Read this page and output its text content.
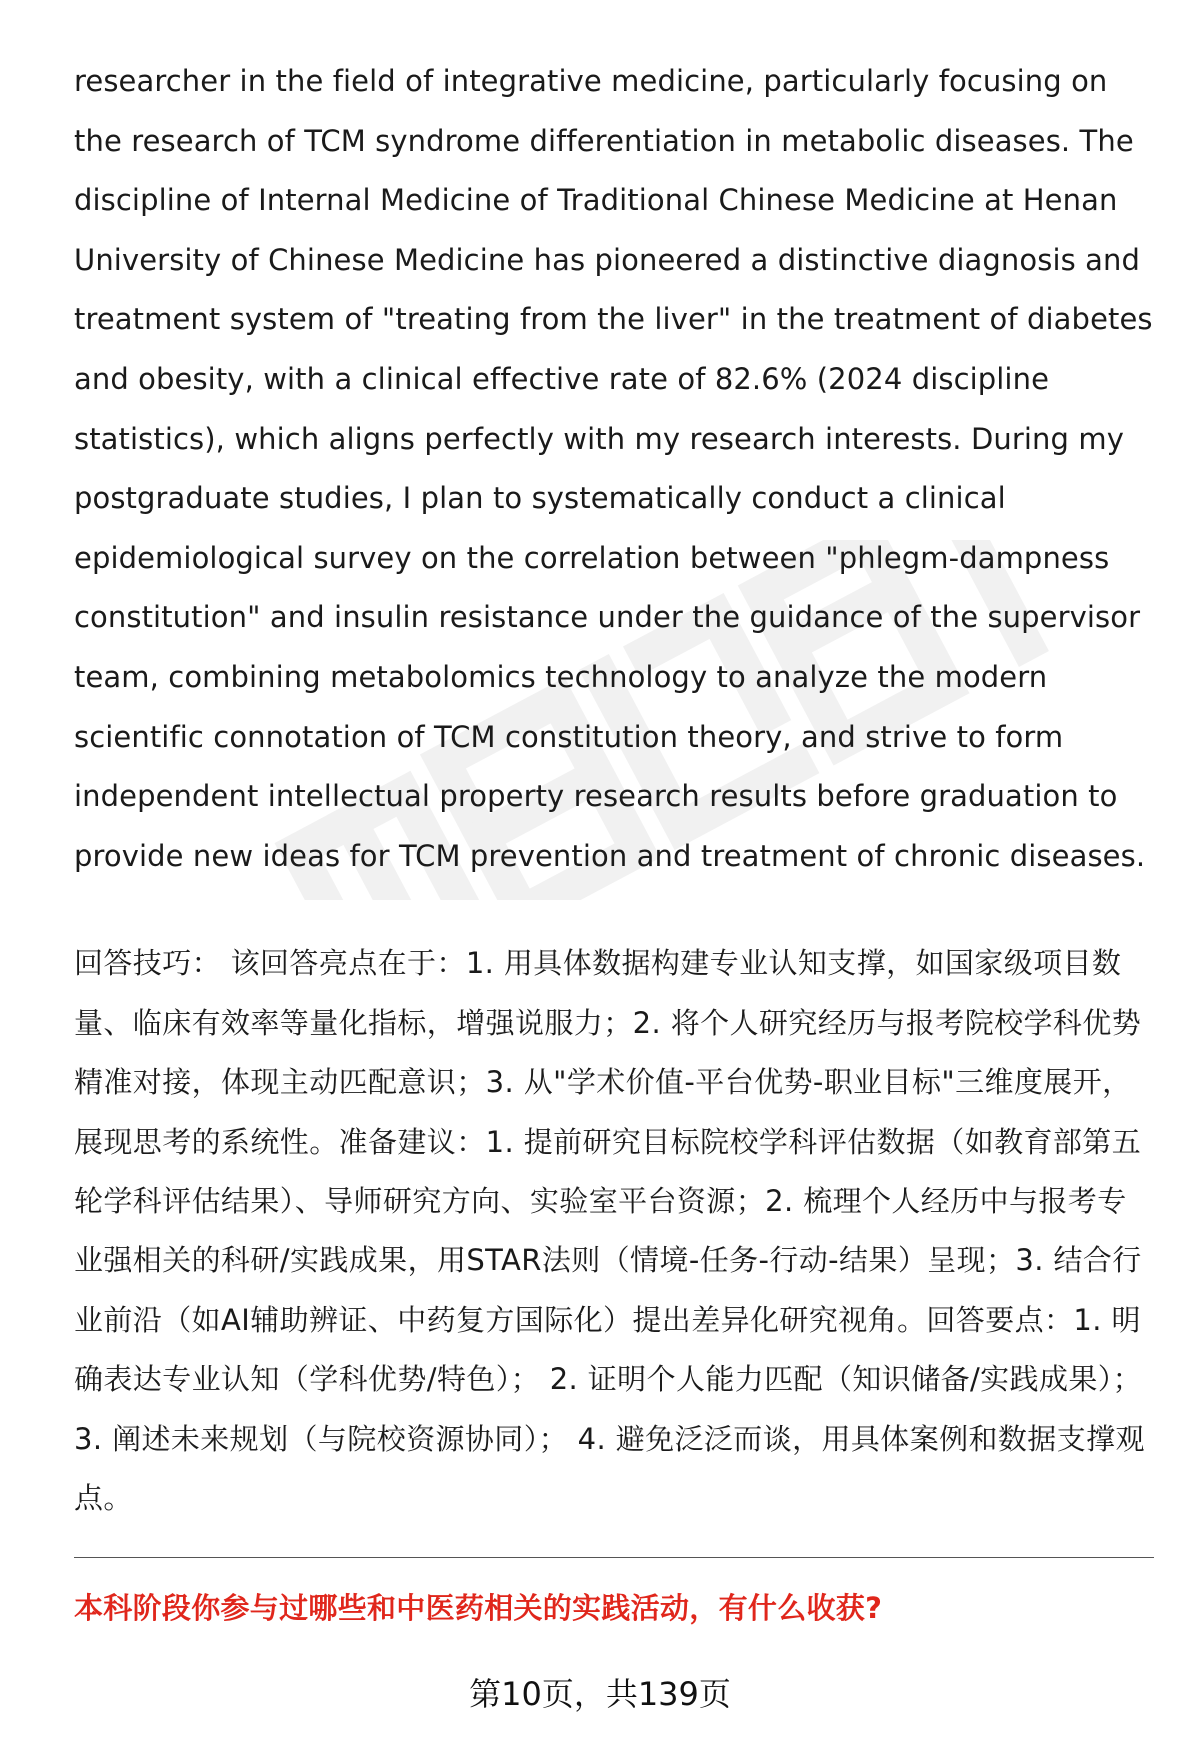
researcher in the field of integrative medicine, particularly focusing on the research of TCM syndrome differentiation in metabolic diseases. The discipline of Internal Medicine of Traditional Chinese Medicine at Henan University of Chinese Medicine has pioneered a distinctive diagnosis and treatment system of "treating from the liver" in the treatment of diabetes and obesity, with a clinical effective rate of 82.6% (2024 discipline statistics), which aligns perfectly with my research interests. During my postgraduate studies, I plan to systematically conduct a clinical epidemiological survey on the correlation between "phlegm-dampness constitution" and insulin resistance under the guidance of the supervisor team, combining metabolomics technology to analyze the modern scientific connotation of TCM constitution theory, and strive to form independent intellectual property research results before graduation to provide new ideas for TCM prevention and treatment of chronic diseases.

回答技巧： 该回答亮点在于：1. 用具体数据构建专业认知支撑，如国家级项目数量、临床有效率等量化指标，增强说服力；2. 将个人研究经历与报考院校学科优势精准对接，体现主动匹配意识；3. 从"学术价值-平台优势-职业目标"三维度展开，展现思考的系统性。准备建议：1. 提前研究目标院校学科评估数据（如教育部第五轮学科评估结果）、导师研究方向、实验室平台资源；2. 梳理个人经历中与报考专业强相关的科研/实践成果，用STAR法则（情境-任务-行动-结果）呈现；3. 结合行业前沿（如AI辅助辨证、中药复方国际化）提出差异化研究视角。回答要点：1. 明确表达专业认知（学科优势/特色）； 2. 证明个人能力匹配（知识储备/实践成果）； 3. 阐述未来规划（与院校资源协同）； 4. 避免泛泛而谈，用具体案例和数据支撑观点。

本科阶段你参与过哪些和中医药相关的实践活动，有什么收获?
第10页，共139页
